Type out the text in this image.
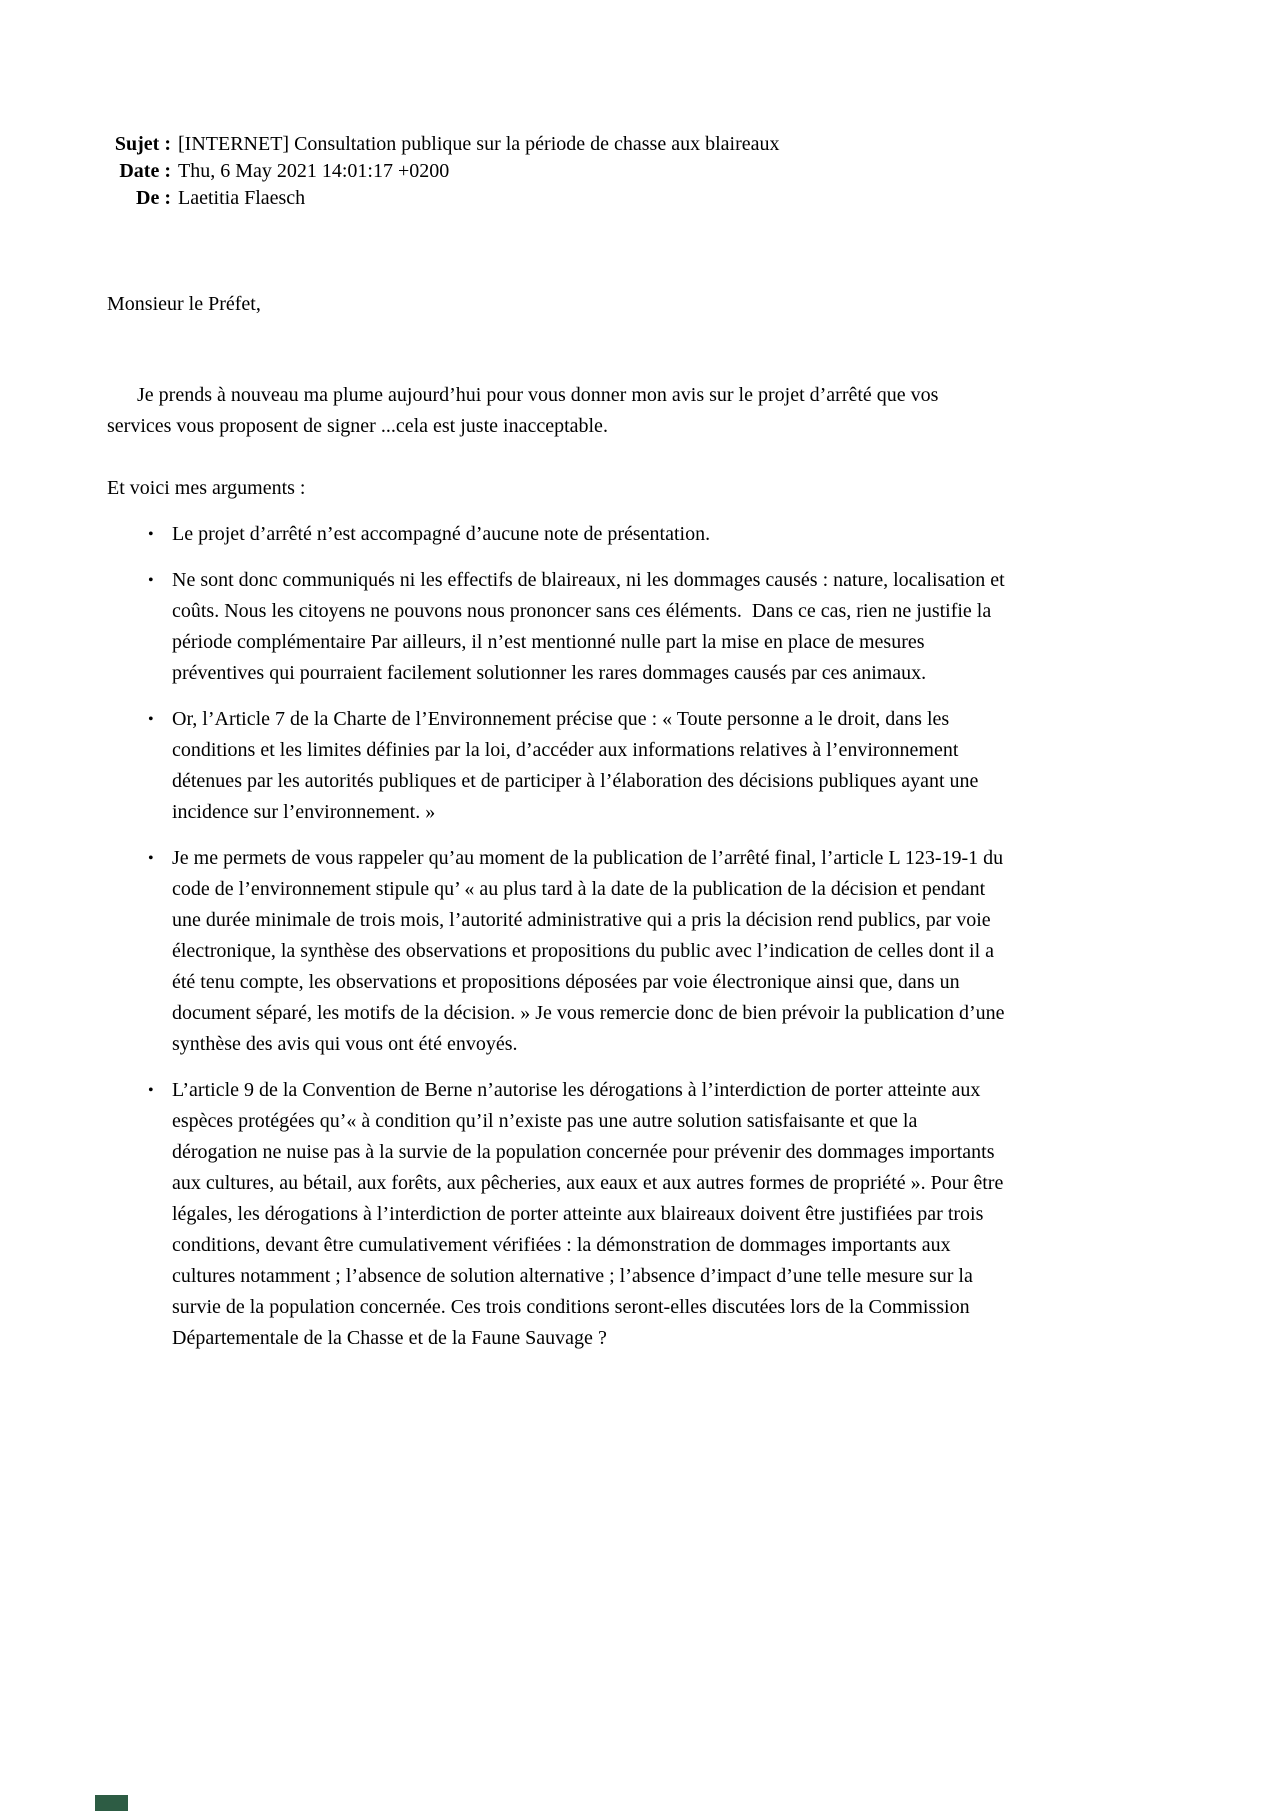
Sujet : [INTERNET] Consultation publique sur la période de chasse aux blaireaux
Date : Thu, 6 May 2021 14:01:17 +0200
De : Laetitia Flaesch

Monsieur le Préfet,

Je prends à nouveau ma plume aujourd’hui pour vous donner mon avis sur le projet d’arrêté que vos services vous proposent de signer ...cela est juste inacceptable.

Et voici mes arguments :

• Le projet d’arrêté n’est accompagné d’aucune note de présentation.
• Ne sont donc communiqués ni les effectifs de blaireaux, ni les dommages causés : nature, localisation et coûts. Nous les citoyens ne pouvons nous prononcer sans ces éléments.  Dans ce cas, rien ne justifie la période complémentaire Par ailleurs, il n’est mentionné nulle part la mise en place de mesures préventives qui pourraient facilement solutionner les rares dommages causés par ces animaux.
• Or, l’Article 7 de la Charte de l’Environnement précise que : « Toute personne a le droit, dans les conditions et les limites définies par la loi, d’accéder aux informations relatives à l’environnement détenues par les autorités publiques et de participer à l’élaboration des décisions publiques ayant une incidence sur l’environnement. »
• Je me permets de vous rappeler qu’au moment de la publication de l’arrêté final, l’article L 123-19-1 du code de l’environnement stipule qu’ « au plus tard à la date de la publication de la décision et pendant une durée minimale de trois mois, l’autorité administrative qui a pris la décision rend publics, par voie électronique, la synthèse des observations et propositions du public avec l’indication de celles dont il a été tenu compte, les observations et propositions déposées par voie électronique ainsi que, dans un document séparé, les motifs de la décision. » Je vous remercie donc de bien prévoir la publication d’une synthèse des avis qui vous ont été envoyés.
• L’article 9 de la Convention de Berne n’autorise les dérogations à l’interdiction de porter atteinte aux espèces protégées qu’« à condition qu’il n’existe pas une autre solution satisfaisante et que la dérogation ne nuise pas à la survie de la population concernée pour prévenir des dommages importants aux cultures, au bétail, aux forêts, aux pêcheries, aux eaux et aux autres formes de propriété ». Pour être légales, les dérogations à l’interdiction de porter atteinte aux blaireaux doivent être justifiées par trois conditions, devant être cumulativement vérifiées : la démonstration de dommages importants aux cultures notamment ; l’absence de solution alternative ; l’absence d’impact d’une telle mesure sur la survie de la population concernée. Ces trois conditions seront-elles discutées lors de la Commission Départementale de la Chasse et de la Faune Sauvage ?
